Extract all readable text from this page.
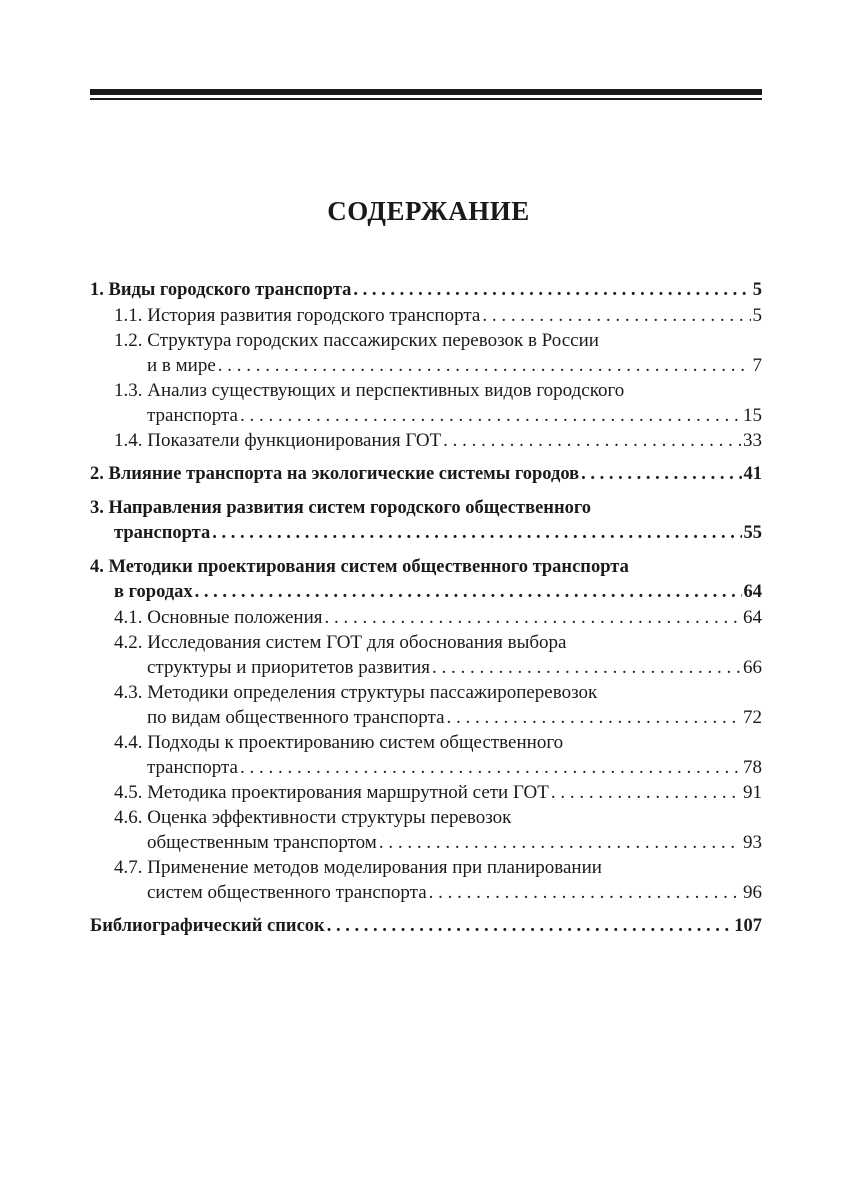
СОДЕРЖАНИЕ
1. Виды городского транспорта . . .	5
1.1. История развития городского транспорта . . .	5
1.2. Структура городских пассажирских перевозок в России
и в мире . . .	7
1.3. Анализ существующих и перспективных видов городского
транспорта . . .	15
1.4. Показатели функционирования ГОТ . . .	33
2. Влияние транспорта на экологические системы городов . . .	41
3. Направления развития систем городского общественного
транспорта . . .	55
4. Методики проектирования систем общественного транспорта
в городах . . .	64
4.1. Основные положения . . .	64
4.2. Исследования систем ГОТ для обоснования выбора
структуры и приоритетов развития . . .	66
4.3. Методики определения структуры пассажироперевозок
по видам общественного транспорта . . .	72
4.4. Подходы к проектированию систем общественного
транспорта . . .	78
4.5. Методика проектирования маршрутной сети ГОТ . . .	91
4.6. Оценка эффективности структуры перевозок
общественным транспортом . . .	93
4.7. Применение методов моделирования при планировании
систем общественного транспорта . . .	96
Библиографический список . . .	107
